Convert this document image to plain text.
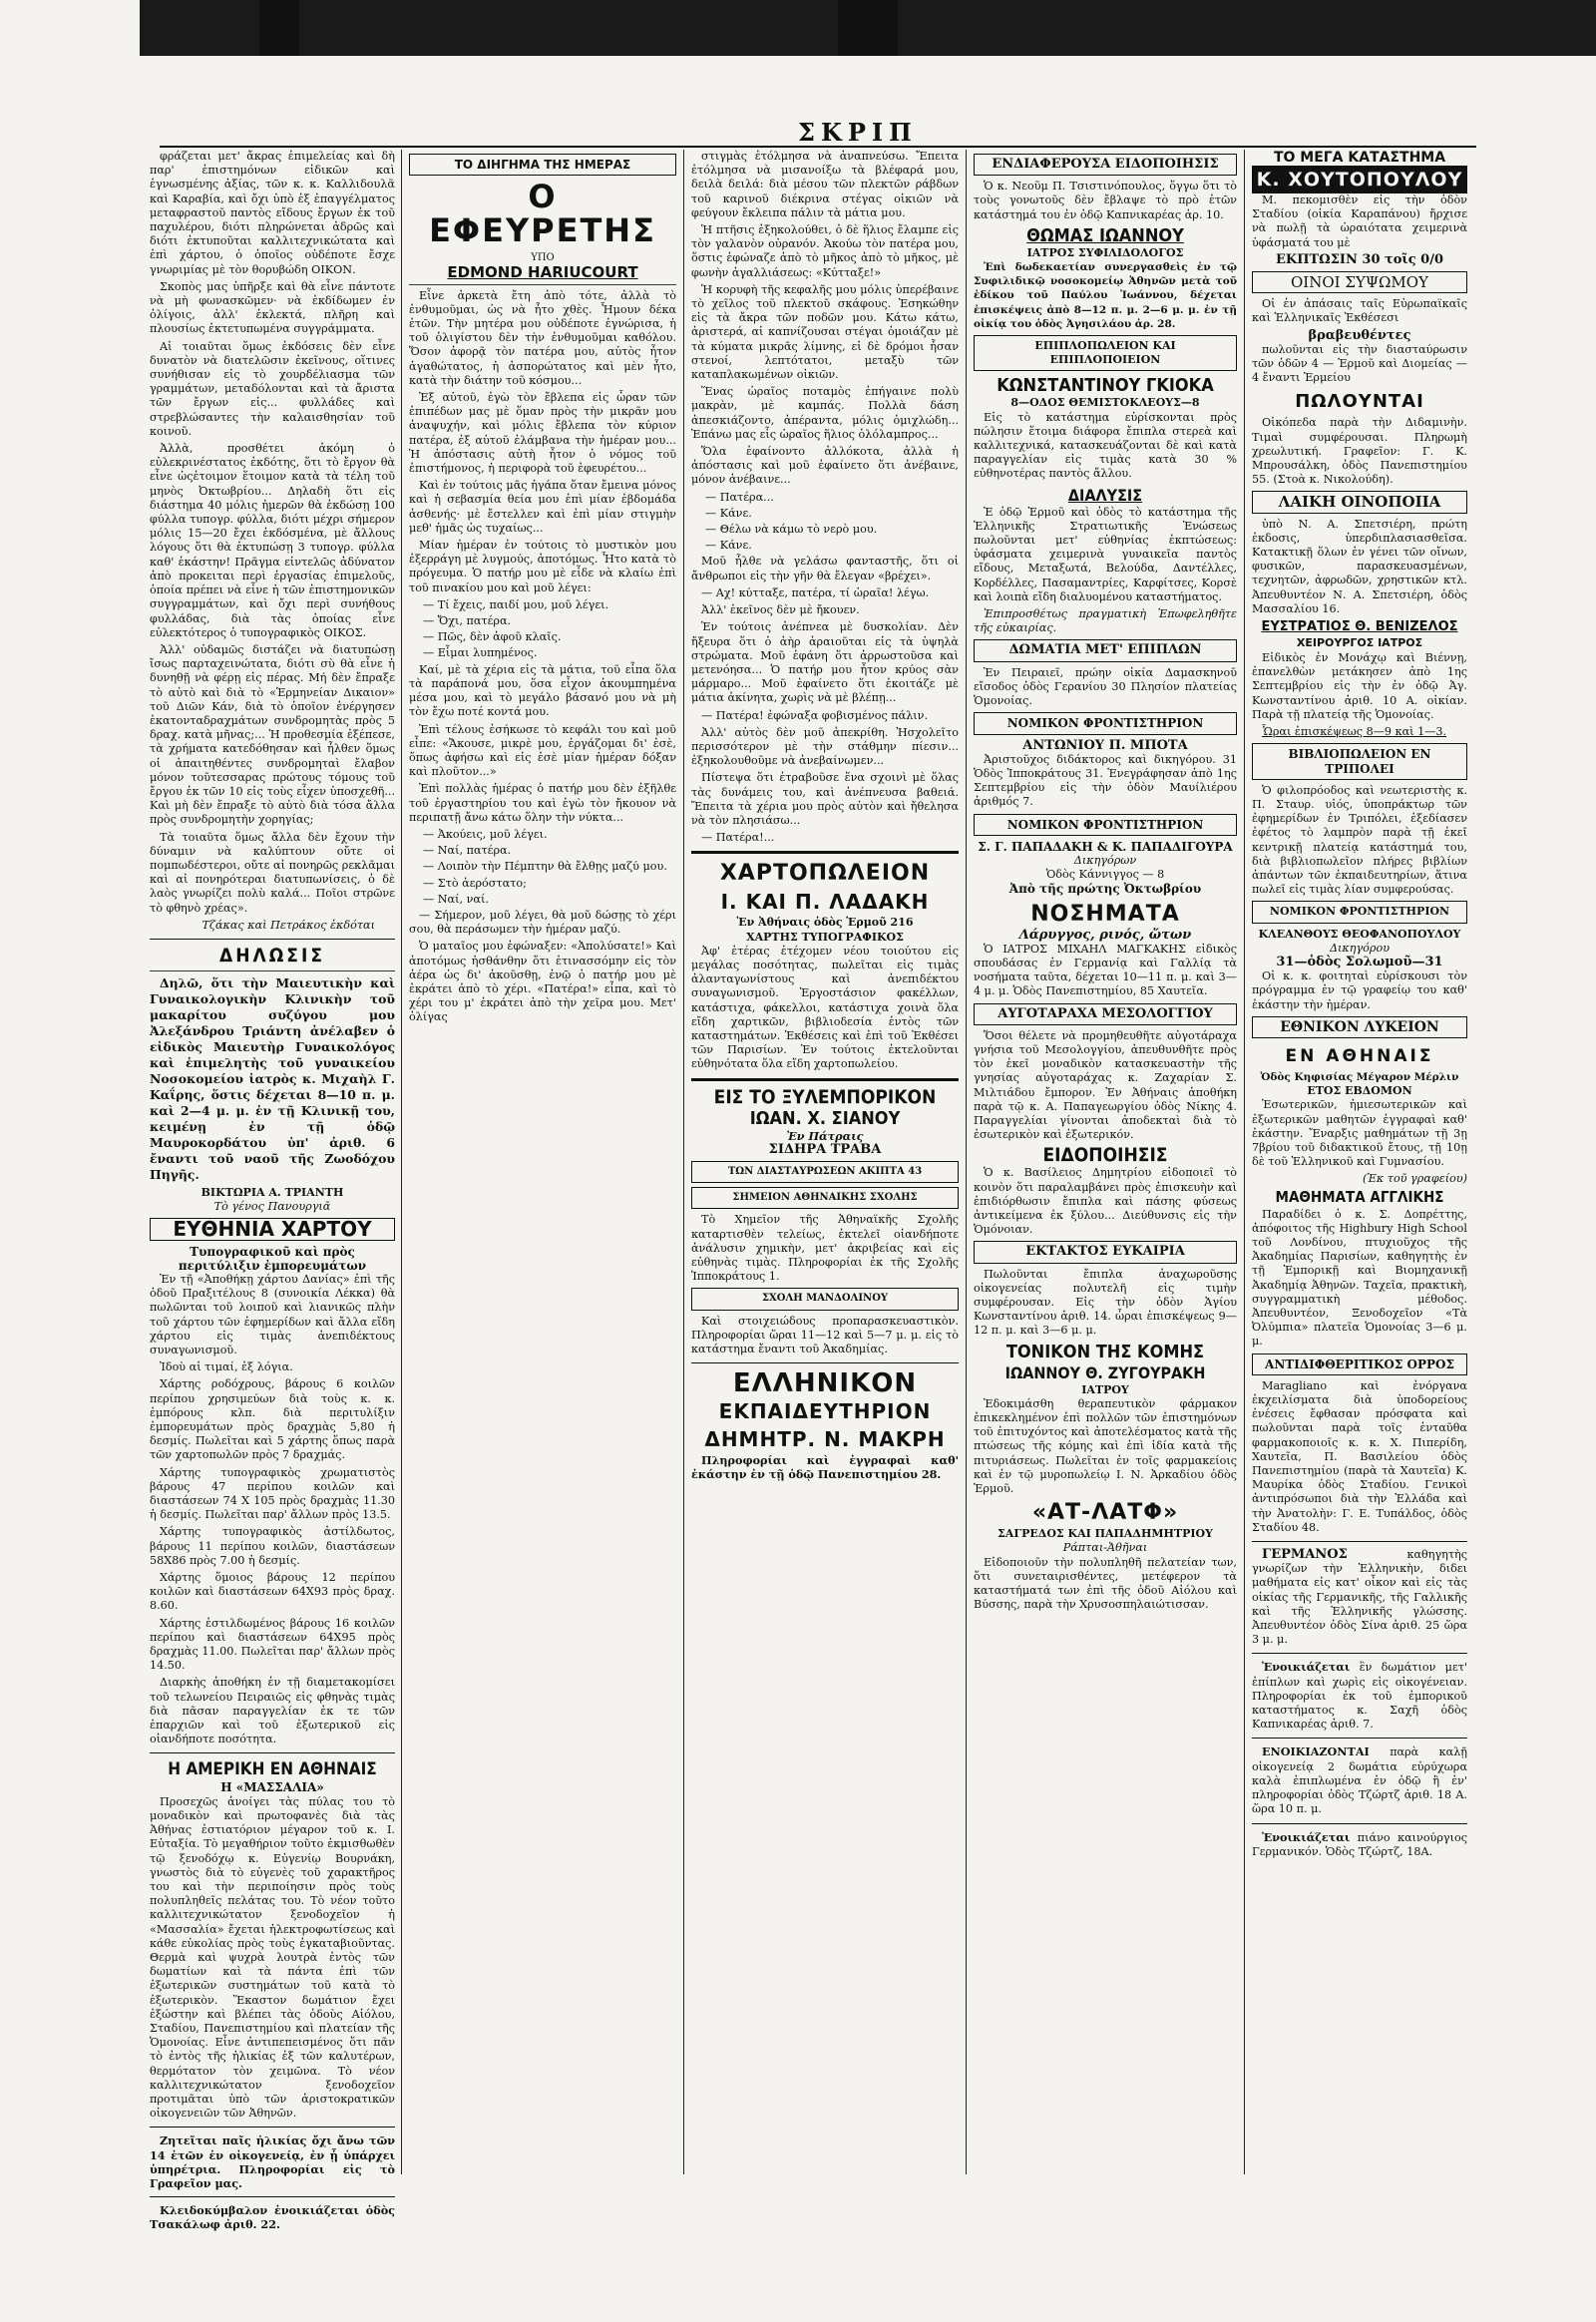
ΣΚΡΙΠ

φράζεται μετ' ἄκρας ἐπιμελείας καὶ δὴ παρ' ἐπιστημόνων εἰδικῶν καὶ ἐγνωσμένης ἀξίας, τῶν κ. κ. Καλλιδουλᾶ καὶ Καραβία, καὶ ὄχι ὑπὸ ἐξ ἐπαγγέλματος μεταφραστοῦ παντὸς εἴδους ἔργων ἐκ τοῦ παχυλέρου, διότι πληρώνεται ἀδρῶς καὶ διότι ἐκτυποῦται καλλιτεχνικώτατα καὶ ἐπὶ χάρτου, ὁ ὁποῖος οὐδέποτε ἔσχε γνωριμίας μὲ τὸν θορυβώδη ΟΙΚΟΝ.

Σκοπὸς μας ὑπῆρξε καὶ θὰ εἶνε πάντοτε νὰ μὴ φωνασκῶμεν· νὰ ἐκδίδωμεν ἐν ὀλίγοις, ἀλλ' ἐκλεκτά, πλῆρη καὶ πλουσίως ἐκτετυπωμένα συγγράμματα.

Αἱ τοιαῦται ὅμως ἐκδόσεις δὲν εἶνε δυνατὸν νὰ διατελῶσιν ἐκεῖνους, οἵτινες συνήθισαν εἰς τὸ χουρδέλιασμα τῶν γραμμάτων, μεταδόλονται καὶ τὰ ἄριστα τῶν ἔργων εἰς... φυλλάδες καὶ στρεβλώσαντες τὴν καλαισθησίαν τοῦ κοινοῦ.

Ἀλλὰ, προσθέτει ἀκόμη ὁ εὐλεκρινέστατος ἐκδότης, ὅτι τὸ ἔργον θὰ εἶνε ὡςἐτοιμον ἕτοιμον κατὰ τὰ τέλη τοῦ μηνὸς Ὀκτωβρίου... Δηλαδὴ ὅτι εἰς διάστημα 40 μόλις ἡμερῶν θὰ ἐκδώσῃ 100 φύλλα τυπογρ. φύλλα, διότι μέχρι σήμερον μόλις 15—20 ἔχει ἐκδόσμένα, μὲ ἄλλους λόγους ὅτι θὰ ἐκτυπώσῃ 3 τυπογρ. φύλλα καθ' ἑκάστην! Πρᾶγμα εἰντελῶς ἀδύνατον ἀπὸ προκειται περὶ ἐργασίας ἐπιμελοῦς, ὁποία πρέπει νὰ εἶνε ἡ τῶν ἐπιστημονικῶν συγγραμμάτων, καὶ ὄχι περὶ συνήθους φυλλάδας, διὰ τὰς ὁποίας εἶνε εὐλεκτότερος ὁ τυπογραφικὸς ΟΙΚΟΣ.

Ἀλλ' οὐδαμῶς διστάζει νὰ διατυπώσῃ ἴσως παρταχεινώτατα, διότι σὺ θὰ εἶνε ἡ δυνηθῇ νὰ φέρῃ εἰς πέρας. Μή δὲν ἔπραξε τὸ αὐτὸ καὶ διὰ τὸ «Ἑρμηνείαν Δικαιον» τοῦ Διῶν Κάν, διὰ τὸ ὁποῖον ἐνέργησεν ἑκατονταδραχμάτων συνδρομητὰς πρὸς 5 δραχ. κατὰ μῆνας;... Ἡ προθεσμία ἐξέπεσε, τὰ χρήματα κατεδόθησαν καὶ ἦλθεν ὅμως οἱ ἀπαιτηθέντες συνδρομηταὶ ἔλαβον μόνον τοῦτεσσαρας πρώτους τόμους τοῦ ἔργου ἐκ τῶν 10 εἰς τοὺς εἶχεν ὑποσχεθῆ... Καὶ μὴ δὲν ἔπραξε τὸ αὐτὸ διὰ τόσα ἄλλα πρὸς συνδρομητὴν χορηγίας;

Τὰ τοιαῦτα ὅμως ἄλλα δὲν ἔχουν τὴν δύναμιν νὰ καλύπτουν οὔτε οἱ πομπωδέστεροι, οὔτε αἱ πονηρῶς ρεκλᾶμαι καὶ αἱ πονηρότεραι διατυπωνίσεις, ὁ δὲ λαὸς γνωρίζει πολὺ καλά... Ποῖοι στρῶνε τὸ φθηνὸ χρέας».

Τζάκας καὶ Πετράκος ἐκδόται
ΔΗΛΩΣΙΣ

Δηλῶ, ὅτι τὴν Μαιευτικὴν καὶ Γυναικολογικὴν Κλινικὴν τοῦ μακαρίτου συζύγου μου Ἀλεξάνδρου Τριάντη ἀνέλαβεν ὁ εἰδικὸς Μαιευτὴρ Γυναικολόγος καὶ ἐπιμελητὴς τοῦ γυναικείου Νοσοκομείου ἰατρὸς κ. Μιχαὴλ Γ. Καΐρης, ὅστις δέχεται 8—10 π. μ. καὶ 2—4 μ. μ. ἐν τῇ Κλινικῇ του, κειμένῃ ἐν τῇ ὁδῷ Μαυροκορδάτου ὑπ' ἀριθ. 6 ἔναντι τοῦ ναοῦ τῆς Ζωοδόχου Πηγῆς.

ΒΙΚΤΩΡΙΑ Α. ΤΡΙΑΝΤΗ
Τὸ γένος Πανουργιᾶ
ΕΥΘΗΝΙΑ ΧΑΡΤΟΥ
Τυπογραφικοῦ καὶ πρὸς περιτύλιξιν ἐμπορευμάτων

Ἐν τῇ «Ἀποθήκῃ χάρτου Δανίας» ἐπὶ τῆς ὁδοῦ Πραξιτέλους 8 (συνοικία Λέκκα) θὰ πωλῶνται τοῦ λοιποῦ καὶ λιανικῶς πλὴν τοῦ χάρτου τῶν ἐφημερίδων καὶ ἄλλα εἴδη χάρτου εἰς τιμὰς ἀνεπιδέκτους συναγωνισμοῦ.

Ἰδοὺ αἱ τιμαί, ἐξ λόγια.

Χάρτης ροδόχρους, βάρους 6 κοιλῶν περίπου χρησιμεύων διὰ τοὺς κ. κ. ἐμπόρους κλπ. διὰ περιτυλίξιν ἐμπορευμάτων πρὸς δραχμὰς 5,80 ἡ δεσμίς. Πωλεῖται καὶ 5 χάρτης ὅπως παρὰ τῶν χαρτοπωλῶν πρὸς 7 δραχμάς.

Χάρτης τυπογραφικὸς χρωματιστὸς βάρους 47 περίπου κοιλῶν καὶ διαστάσεων 74 Χ 105 πρὸς δραχμὰς 11.30 ἡ δεσμίς. Πωλεῖται παρ' ἄλλων πρὸς 13.5.

Χάρτης τυπογραφικὸς ἀστίλδωτος, βάρους 11 περίπου κοιλῶν, διαστάσεων 58Χ86 πρὸς 7.00 ἡ δεσμίς.

Χάρτης ὅμοιος βάρους 12 περίπου κοιλῶν καὶ διαστάσεων 64Χ93 πρὸς δραχ. 8.60.

Χάρτης ἐστιλδωμένος βάρους 16 κοιλῶν περίπου καὶ διαστάσεων 64Χ95 πρὸς δραχμὰς 11.00. Πωλεῖται παρ' ἄλλων πρὸς 14.50.

Διαρκὴς ἀποθήκη ἐν τῇ διαμετακομίσει τοῦ τελωνείου Πειραιῶς εἰς φθηνὰς τιμὰς διὰ πᾶσαν παραγγελίαν ἐκ τε τῶν ἐπαρχιῶν καὶ τοῦ ἐξωτερικοῦ εἰς οἱανδήποτε ποσότητα.

Η ΑΜΕΡΙΚΗ ΕΝ ΑΘΗΝΑΙΣ
Η «ΜΑΣΣΑΛΙΑ»

Προσεχῶς ἀνοίγει τὰς πύλας του τὸ μοναδικὸν καὶ πρωτοφανὲς διὰ τὰς Ἀθήνας ἐστιατόριον μέγαρον τοῦ κ. Ι. Εὐταξία. Τὸ μεγαθήριον τοῦτο ἐκμισθωθὲν τῷ ξενοδόχῳ κ. Εὐγενίῳ Βουρνάκη, γνωστὸς διὰ τὸ εὐγενὲς τοῦ χαρακτῆρος του καὶ τὴν περιποίησιν πρὸς τοὺς πολυπληθεῖς πελάτας του. Τὸ νέον τοῦτο καλλιτεχνικώτατον ξενοδοχεῖον ἡ «Μασσαλία» ἔχεται ἡλεκτροφωτίσεως καὶ κάθε εὐκολίας πρὸς τοὺς ἐγκαταβιοῦντας. Θερμὰ καὶ ψυχρὰ λουτρὰ ἐντὸς τῶν δωματίων καὶ τὰ πάντα ἐπὶ τῶν ἐξωτερικῶν συστημάτων τοῦ κατὰ τὸ ἐξωτερικὸν. Ἕκαστον δωμάτιον ἔχει ἐξώστην καὶ βλέπει τὰς ὁδοὺς Αἰόλου, Σταδίου, Πανεπιστημίου καὶ πλατείαν τῆς Ὁμονοίας. Εἶνε ἀντιπεπεισμένος ὅτι πᾶν τὸ ἐντὸς τῆς ἡλικίας ἐξ τῶν καλυτέρων, θερμότατον τὸν χειμῶνα. Τὸ νέον καλλιτεχνικώτατον ξενοδοχεῖον προτιμᾶται ὑπὸ τῶν ἀριστοκρατικῶν οἰκογενειῶν τῶν Ἀθηνῶν.

Ζητεῖται παῖς ἡλικίας ὄχι ἄνω τῶν 14 ἐτῶν ἐν οἰκογενείᾳ, ἐν ᾗ ὑπάρχει ὑπηρέτρια. Πληροφορίαι εἰς τὸ Γραφεῖον μας.

Κλειδοκύμβαλον ἐνοικιάζεται ὁδὸς Τσακάλωφ ἀριθ. 22.

ΤΟ ΔΙΗΓΗΜΑ ΤΗΣ ΗΜΕΡΑΣ
Ο ΕΦΕΥΡΕΤΗΣ
ΥΠΟ
EDMOND HARIUCOURT

Εἶνε ἀρκετὰ ἔτη ἀπὸ τότε, ἀλλὰ τὸ ἐνθυμοῦμαι, ὡς νὰ ἦτο χθὲς. Ἦμουν δέκα ἐτῶν. Τὴν μητέρα μου οὐδέποτε ἐγνώρισα, ἡ τοῦ ὁλιγίστου δὲν τὴν ἐνθυμοῦμαι καθόλου. Ὅσον ἀφορᾷ τὸν πατέρα μου, αὐτὸς ἦτον ἀγαθώτατος, ἡ ἀσπορώτατος καὶ μὲν ἦτο, κατὰ τὴν διάτην τοῦ κόσμου...

Ἐξ αὐτοῦ, ἐγὼ τὸν ἔβλεπα εἰς ὧραν τῶν ἐπιπέδων μας μὲ ὅμαν πρὸς τὴν μικρᾶν μου ἀναψυχήν, καὶ μόλις ἔβλεπα τὸν κύριον πατέρα, ἐξ αὐτοῦ ἐλάμβανα τὴν ἡμέραν μου... Ἡ ἀπόστασις αὐτὴ ἦτον ὁ νόμος τοῦ ἐπιστήμονος, ἡ περιφορὰ τοῦ ἐφευρέτου...

Καὶ ἐν τούτοις μᾶς ἠγάπα ὅταν ἔμεινα μόνος καὶ ἡ σεβασμία θεία μου ἐπὶ μίαν ἐβδομάδα ἀσθενής· μὲ ἔστελλεν καὶ ἐπὶ μίαν στιγμὴν μεθ' ἡμᾶς ὡς τυχαίως...

Μίαν ἡμέραν ἐν τούτοις τὸ μυστικὸν μου ἐξερράγη μὲ λυγμούς, ἀποτόμως. Ἦτο κατὰ τὸ πρόγευμα. Ὁ πατήρ μου μὲ εἶδε νὰ κλαίω ἐπὶ τοῦ πινακίου μου καὶ μοῦ λέγει:

— Τί ἔχεις, παιδί μου, μοῦ λέγει.

— Ὄχι, πατέρα.

— Πῶς, δὲν ἀφοῦ κλαῖς.

— Εἶμαι λυπημένος.

Καί, μὲ τὰ χέρια εἰς τὰ μάτια, τοῦ εἶπα ὅλα τὰ παράπονά μου, ὅσα εἶχον ἀκουμπημένα μέσα μου, καὶ τὸ μεγάλο βάσανό μου νὰ μὴ τὸν ἔχω ποτέ κοντά μου.

Ἐπὶ τέλους ἐσήκωσε τὸ κεφάλι του καὶ μοῦ εἶπε: «Ἄκουσε, μικρὲ μου, ἐργάζομαι δι' ἐσὲ, ὅπως ἀφήσω καὶ εἰς ἐσὲ μίαν ἡμέραν δόξαν καὶ πλοῦτον...»

Ἐπὶ πολλὰς ἡμέρας ὁ πατήρ μου δὲν ἐξῆλθε τοῦ ἐργαστηρίου του καὶ ἐγὼ τὸν ἤκουον νὰ περιπατῇ ἄνω κάτω ὅλην τὴν νύκτα...

— Ἀκούεις, μοῦ λέγει.

— Ναί, πατέρα.

— Λοιπὸν τὴν Πέμπτην θὰ ἔλθῃς μαζύ μου.

— Στὸ ἀερόστατο;

— Ναί, ναί.

— Σήμερον, μοῦ λέγει, θὰ μοῦ δώσῃς τὸ χέρι σου, θὰ περάσωμεν τὴν ἡμέραν μαζύ.

Ὁ ματαῖος μου ἐφώναξεν: «Ἀπολύσατε!» Καὶ ἀποτόμως ἠσθάνθην ὅτι ἐτινασσόμην εἰς τὸν ἀέρα ὡς δι' ἀκοῦσθῃ, ἐνῷ ὁ πατήρ μου μὲ ἐκράτει ἀπὸ τὸ χέρι. «Πατέρα!» εἶπα, καὶ τὸ χέρι του μ' ἐκράτει ἀπὸ τὴν χεῖρα μου. Μετ' ὀλίγας

στιγμὰς ἐτόλμησα νὰ ἀναπνεύσω. Ἔπειτα ἐτόλμησα νὰ μισανοίξω τὰ βλέφαρά μου, δειλὰ δειλά: διὰ μέσου τῶν πλεκτῶν ράβδων τοῦ καρινοῦ διέκρινα στέγας οἰκιῶν νὰ φεύγουν ἔκλειπα πάλιν τὰ μάτια μου.

Ἡ πτῆσις ἐξηκολούθει, ὁ δὲ ἥλιος ἔλαμπε εἰς τὸν γαλανὸν οὐρανόν. Ἀκούω τὸν πατέρα μου, ὅστις ἐφώναζε ἀπὸ τὸ μῆκος ἀπὸ τὸ μῆκος, μὲ φωνὴν ἀγαλλιάσεως: «Κύτταξε!»

Ἡ κορυφὴ τῆς κεφαλῆς μου μόλις ὑπερέβαινε τὸ χεῖλος τοῦ πλεκτοῦ σκάφους. Ἐσηκώθην εἰς τὰ ἄκρα τῶν ποδῶν μου. Κάτω κάτω, ἀριστερά, αἱ καπνίζουσαι στέγαι ὁμοιάζαν μὲ τὰ κύματα μικρᾶς λίμνης, εἰ δὲ δρόμοι ἦσαν στενοί, λεπτότατοι, μεταξὺ τῶν καταπλακωμένων οἰκιῶν.

Ἕνας ὡραῖος ποταμὸς ἐπήγαινε πολὺ μακρὰν, μὲ καμπάς. Πολλὰ δάση ἀπεσκιάζοντο, ἀπέραντα, μόλις ὁμιχλώδη... Ἐπάνω μας εἷς ὠραῖος ἥλιος ὁλόλαμπρος...

Ὅλα ἐφαίνοντο ἀλλόκοτα, ἀλλὰ ἡ ἀπόστασις καὶ μοῦ ἐφαίνετο ὅτι ἀνέβαινε, μόνον ἀνέβαινε...

— Πατέρα...

— Κάνε.

— Θέλω νὰ κάμω τὸ νερὸ μου.

— Κάνε.

Μοῦ ἦλθε νὰ γελάσω φανταστῆς, ὅτι οἱ ἄνθρωποι εἰς τὴν γῆν θὰ ἔλεγαν «βρέχει».

— Αχ! κύτταξε, πατέρα, τί ὡραῖα! λέγω.

Ἀλλ' ἐκεῖνος δὲν μὲ ἤκουεν.

Ἐν τούτοις ἀνέπνεα μὲ δυσκολίαν. Δὲν ἤξευρα ὅτι ὁ ἀὴρ ἀραιοῦται εἰς τὰ ὑψηλὰ στρώματα. Μοῦ ἐφάνη ὅτι ἀρρωστοῦσα καὶ μετενόησα... Ὁ πατήρ μου ἦτον κρύος σὰν μάρμαρο... Μοῦ ἐφαίνετο ὅτι ἐκοιτάζε μὲ μάτια ἀκίνητα, χωρὶς νὰ μὲ βλέπῃ...

— Πατέρα! ἐφώναξα φοβισμένος πάλιν.

Ἀλλ' αὐτὸς δὲν μοῦ ἀπεκρίθη. Ἠσχολεῖτο περισσότερον μὲ τὴν στάθμην πίεσιν... ἐξηκολουθοῦμε νὰ ἀνεβαίνωμεν...

Πίστεψα ὅτι ἐτραβοῦσε ἕνα σχοινὶ μὲ ὅλας τὰς δυνάμεις του, καὶ ἀνέπνευσα βαθειά. Ἔπειτα τὰ χέρια μου πρὸς αὐτὸν καὶ ἤθελησα νὰ τὸν πλησιάσω...

— Πατέρα!...

ΧΑΡΤΟΠΩΛΕΙΟΝ
Ι. ΚΑΙ Π. ΛΑΔΑΚΗ
Ἐν Ἀθήναις ὁδὸς Ἑρμοῦ 216
ΧΑΡΤΗΣ ΤΥΠΟΓΡΑΦΙΚΟΣ

Ἀφ' ἑτέρας ἐτέχομεν νέου τοιούτου εἰς μεγάλας ποσότητας, πωλεῖται εἰς τιμὰς ἀλανταγωνίστους καὶ ἀνεπιδέκτου συναγωνισμοῦ. Ἐργοστάσιον φακέλλων, κατάστιχα, φάκελλοι, κατάστιχα χοινὰ ὅλα εἴδη χαρτικῶν, βιβλιοδεσία ἐντὸς τῶν καταστημάτων. Ἐκθέσεις καὶ ἐπὶ τοῦ Ἐκθέσει τῶν Παρισίων. Ἐν τούτοις ἐκτελοῦνται εὐθηνότατα ὅλα εἴδη χαρτοπωλείου.

ΕΙΣ ΤΟ ΞΥΛΕΜΠΟΡΙΚΟΝ
ΙΩΑΝ. Χ. ΣΙΑΝΟΥ
Ἐν Πάτραις
ΣΙΔΗΡΑ ΤΡΑΒΑ
ΤΩΝ ΔΙΑΣΤΑΥΡΩΣΕΩΝ ΑΚΙΠΤΑ 43
ΣΗΜΕΙΟΝ ΑΘΗΝΑΙΚΗΣ ΣΧΟΛΗΣ

Τὸ Χημεῖον τῆς Ἀθηναϊκῆς Σχολῆς καταρτισθὲν τελείως, ἐκτελεῖ οἰανδήποτε ἀνάλυσιν χημικὴν, μετ' ἀκριβείας καὶ εἰς εὐθηνὰς τιμὰς. Πληροφορίαι ἐκ τῆς Σχολῆς Ἱπποκράτους 1.

ΣΧΟΛΗ ΜΑΝΔΟΛΙΝΟΥ

Καὶ στοιχειώδους προπαρασκευαστικὸν. Πληροφορίαι ὥραι 11—12 καὶ 5—7 μ. μ. εἰς τὸ κατάστημα ἔναντι τοῦ Ἀκαδημίας.

ΕΛΛΗΝΙΚΟΝ
ΕΚΠΑΙΔΕΥΤΗΡΙΟΝ
ΔΗΜΗΤΡ. Ν. ΜΑΚΡΗ

Πληροφορίαι καὶ ἐγγραφαὶ καθ' ἑκάστην ἐν τῇ ὁδῷ Πανεπιστημίου 28.

ΕΝΔΙΑΦΕΡΟΥΣΑ ΕΙΔΟΠΟΙΗΣΙΣ

Ὁ κ. Νεοῦμ Π. Τσιστινόπουλος, ὅγγω ὅτι τὸ τοὺς γονωτοῦς δὲν ἔβλαψε τὸ πρὸ ἐτῶν κατάστημά του ἐν ὁδῷ Καπνικαρέας ἀρ. 10.

ΘΩΜΑΣ ΙΩΑΝΝΟΥ
ΙΑΤΡΟΣ ΣΥΦΙΛΙΔΟΛΟΓΟΣ

Ἐπὶ δωδεκαετίαν συνεργασθεὶς ἐν τῷ Συφιλιδικῷ νοσοκομείῳ Ἀθηνῶν μετὰ τοῦ ἐδίκου τοῦ Παύλου Ἰωάννου, δέχεται ἐπισκέψεις ἀπὸ 8—12 π. μ. 2—6 μ. μ. ἐν τῇ οἰκίᾳ του ὁδὸς Ἀγησιλάου ἀρ. 28.

ΕΠΙΠΛΟΠΩΛΕΙΟΝ ΚΑΙ ΕΠΙΠΛΟΠΟΙΕΙΟΝ
ΚΩΝΣΤΑΝΤΙΝΟΥ ΓΚΙΟΚΑ
8—ΟΔΟΣ ΘΕΜΙΣΤΟΚΛΕΟΥΣ—8

Εἰς τὸ κατάστημα εὑρίσκονται πρὸς πώλησιν ἕτοιμα διάφορα ἔπιπλα στερεὰ καὶ καλλιτεχνικά, κατασκευάζονται δὲ καὶ κατὰ παραγγελίαν εἰς τιμὰς κατὰ 30 % εὐθηνοτέρας παντὸς ἄλλου.

ΔΙΑΛΥΣΙΣ

Ἐ ὁδῷ Ἑρμοῦ καὶ ὁδὸς τὸ κατάστημα τῆς Ἑλληνικῆς Στρατιωτικῆς Ἑνώσεως πωλοῦνται μετ' εὐθηνίας ἐκπτώσεως: ὑφάσματα χειμερινὰ γυναικεῖα παντὸς εἴδους, Μεταξωτά, Βελούδα, Δαντέλλες, Κορδέλλες, Πασαμαντρίες, Καρφίτσες, Κορσὲ καὶ λοιπὰ εἴδη διαλυομένου καταστήματος.

Ἐπιπροσθέτως πραγματικὴ Ἐπωφεληθῆτε τῆς εὐκαιρίας.

ΔΩΜΑΤΙΑ ΜΕΤ' ΕΠΙΠΛΩΝ

Ἐν Πειραιεῖ, πρώην οἰκία Δαμασκηνοῦ εἴσοδος ὁδὸς Γερανίου 30 Πλησίον πλατείας Ὁμονοίας.

ΝΟΜΙΚΟΝ ΦΡΟΝΤΙΣΤΗΡΙΟΝ
ΑΝΤΩΝΙΟΥ Π. ΜΠΟΤΑ

Ἀριστοῦχος διδάκτορος καὶ δικηγόρου. 31 Ὁδὸς Ἱπποκράτους 31. Ἐνεγράφησαν ἀπὸ 1ης Σεπτεμβρίου εἰς τὴν ὁδὸν Μαυίλιέρου ἀριθμός 7.

ΝΟΜΙΚΟΝ ΦΡΟΝΤΙΣΤΗΡΙΟΝ
Σ. Γ. ΠΑΠΑΔΑΚΗ & Κ. ΠΑΠΑΔΙΓΟΥΡΑ
Δικηγόρων
Ὁδὸς Κάννιγγος — 8
Ἀπὸ τῆς πρώτης Ὀκτωβρίου
ΝΟΣΗΜΑΤΑ
Λάρυγγος, ρινός, ὤτων

Ὁ ΙΑΤΡΟΣ ΜΙΧΑΗΛ ΜΑΓΚΑΚΗΣ εἰδικὸς σπουδάσας ἐν Γερμανίᾳ καὶ Γαλλίᾳ τὰ νοσήματα ταῦτα, δέχεται 10—11 π. μ. καὶ 3—4 μ. μ. Ὁδὸς Πανεπιστημίου, 85 Χαυτεῖα.

ΑΥΓΟΤΑΡΑΧΑ ΜΕΣΟΛΟΓΓΙΟΥ

Ὅσοι θέλετε νὰ προμηθευθῆτε αὐγοτάραχα γνήσια τοῦ Μεσολογγίου, ἀπευθυνθῆτε πρὸς τὸν ἐκεῖ μοναδικὸν κατασκευαστὴν τῆς γνησίας αὐγοταράχας κ. Ζαχαρίαν Σ. Μιλτιάδου ἔμπορον. Ἐν Ἀθήναις ἀποθήκη παρὰ τῷ κ. Α. Παπαγεωργίου ὁδὸς Νίκης 4. Παραγγελίαι γίνονται ἀποδεκταὶ διὰ τὸ ἐσωτερικὸν καὶ ἐξωτερικόν.

ΕΙΔΟΠΟΙΗΣΙΣ

Ὁ κ. Βασίλειος Δημητρίου εἰδοποιεῖ τὸ κοινὸν ὅτι παραλαμβάνει πρὸς ἐπισκευὴν καὶ ἐπιδιόρθωσιν ἔπιπλα καὶ πάσης φύσεως ἀντικείμενα ἐκ ξύλου... Διεύθυνσις εἰς τὴν Ὁμόνοιαν.

ΕΚΤΑΚΤΟΣ ΕΥΚΑΙΡΙΑ

Πωλοῦνται ἔπιπλα ἀναχωροῦσης οἰκογενείας πολυτελῆ εἰς τιμὴν συμφέρουσαν. Εἰς τὴν ὁδὸν Ἁγίου Κωνσταντίνου ἀριθ. 14. ὧραι ἐπισκέψεως 9—12 π. μ. καὶ 3—6 μ. μ.

ΤΟΝΙΚΟΝ ΤΗΣ ΚΟΜΗΣ
ΙΩΑΝΝΟΥ Θ. ΖΥΓΟΥΡΑΚΗ
ΙΑΤΡΟΥ

Ἐδοκιμάσθη θεραπευτικὸν φάρμακον ἐπικεκλημένον ἐπὶ πολλῶν τῶν ἐπιστημόνων τοῦ ἐπιτυχόντος καὶ ἀποτελέσματος κατὰ τῆς πτώσεως τῆς κόμης καὶ ἐπὶ ἰδία κατὰ τῆς πιτυριάσεως. Πωλεῖται ἐν τοῖς φαρμακείοις καὶ ἐν τῷ μυροπωλείῳ Ι. Ν. Ἀρκαδίου ὁδὸς Ἑρμοῦ.

«ΑΤ-ΛΑΤΦ»
ΣΑΓΡΕΔΟΣ ΚΑΙ ΠΑΠΑΔΗΜΗΤΡΙΟΥ
Ράπται-Ἀθῆναι

Εἰδοποιοῦν τὴν πολυπληθῆ πελατείαν των, ὅτι συνεταιρισθέντες, μετέφερον τὰ καταστήματά των ἐπὶ τῆς ὁδοῦ Αἰόλου καὶ Βύσσης, παρὰ τὴν Χρυσοσπηλαιώτισσαν.

ΤΟ ΜΕΓΑ ΚΑΤΑΣΤΗΜΑ
Κ. ΧΟΥΤΟΠΟΥΛΟΥ

Μ. πεκομισθὲν εἰς τὴν ὁδὸν Σταδίου (οἰκία Καραπάνου) ἤρχισε νὰ πωλῇ τὰ ὡραιότατα χειμερινὰ ὑφάσματά του μὲ

ΕΚΠΤΩΣΙΝ 30 τοῖς 0/0
ΟΙΝΟΙ ΣΥΨΩΜΟΥ

Οἱ ἐν ἁπάσαις ταῖς Εὐρωπαϊκαῖς καὶ Ἑλληνικαῖς Ἐκθέσεσι

βραβευθέντες

πωλοῦνται εἰς τὴν διασταύρωσιν τῶν ὁδῶν 4 — Ἑρμοῦ καὶ Διομείας — 4 ἔναντι Ἑρμείου

ΠΩΛΟΥΝΤΑΙ

Οἰκόπεδα παρὰ τὴν Διδαμινὴν. Τιμαὶ συμφέρουσαι. Πληρωμὴ χρεωλυτική. Γραφεῖον: Γ. Κ. Μπρουσάλκη, ὁδὸς Πανεπιστημίου 55. (Στοὰ κ. Νικολούδη).

ΛΑΙΚΗ ΟΙΝΟΠΟΙΙΑ

ὑπὸ Ν. Α. Σπετσιέρη, πρώτη ἐκδοσις, ὑπερδιπλασιασθεῖσα. Κατακτικῇ ὅλων ἐν γένει τῶν οἴνων, φυσικῶν, παρασκευασμένων, τεχνητῶν, ἀφρωδῶν, χρηστικῶν κτλ. Ἀπευθυντέον Ν. Α. Σπετσιέρη, ὁδὸς Μασσαλίου 16.

ΕΥΣΤΡΑΤΙΟΣ Θ. ΒΕΝΙΖΕΛΟΣ
ΧΕΙΡΟΥΡΓΟΣ ΙΑΤΡΟΣ

Εἰδικὸς ἐν Μονάχῳ καὶ Βιέννῃ, ἐπανελθὼν μετάκησεν ἀπὸ 1ης Σεπτεμβρίου εἰς τὴν ἐν ὁδῷ Ἀγ. Κωνσταντίνου ἀριθ. 10 Α. οἰκίαν. Παρὰ τῇ πλατείᾳ τῆς Ὁμονοίας.

Ὧραι ἐπισκέψεως 8—9 καὶ 1—3.

ΒΙΒΛΙΟΠΩΛΕΙΟΝ ΕΝ ΤΡΙΠΟΛΕΙ

Ὁ φιλοπρόοδος καὶ νεωτεριστὴς κ. Π. Σταυρ. υἱός, ὑποπράκτωρ τῶν ἐφημερίδων ἐν Τριπόλει, ἐξεδίασεν ἐφέτος τὸ λαμπρὸν παρὰ τῇ ἐκεῖ κεντρικῇ πλατείᾳ κατάστημά του, διὰ βιβλιοπωλεῖον πλήρες βιβλίων ἀπάντων τῶν ἐκπαιδευτηρίων, ἅτινα πωλεῖ εἰς τιμὰς λίαν συμφερούσας.

ΝΟΜΙΚΟΝ ΦΡΟΝΤΙΣΤΗΡΙΟΝ
ΚΛΕΑΝΘΟΥΣ ΘΕΟΦΑΝΟΠΟΥΛΟΥ
Δικηγόρου
31—ὁδὸς Σολωμοῦ—31

Οἱ κ. κ. φοιτηταὶ εὑρίσκουσι τὸν πρόγραμμα ἐν τῷ γραφείῳ του καθ' ἑκάστην τὴν ἡμέραν.

ΕΘΝΙΚΟΝ ΛΥΚΕΙΟΝ
ΕΝ ΑΘΗΝΑΙΣ
Ὁδὸς Κηφισίας Μέγαρον Μέρλιν
ΕΤΟΣ ΕΒΔΟΜΟΝ

Ἐσωτερικῶν, ἡμιεσωτερικῶν καὶ ἐξωτερικῶν μαθητῶν ἐγγραφαὶ καθ' ἑκάστην. Ἔναρξις μαθημάτων τῇ 3ῃ 7βρίου τοῦ διδακτικοῦ ἔτους, τῇ 10ῃ δὲ τοῦ Ἑλληνικοῦ καὶ Γυμνασίου.

(Ἐκ τοῦ γραφείου)
ΜΑΘΗΜΑΤΑ ΑΓΓΛΙΚΗΣ

Παραδίδει ὁ κ. Σ. Δοπρέττης, ἀπόφοιτος τῆς Highbury High School τοῦ Λονδίνου, πτυχιοῦχος τῆς Ἀκαδημίας Παρισίων, καθηγητὴς ἐν τῇ Ἐμπορικῇ καὶ Βιομηχανικῇ Ἀκαδημίᾳ Ἀθηνῶν. Ταχεῖα, πρακτικὴ, συγγραμματικὴ μέθοδος. Ἀπευθυντέον, Ξενοδοχεῖον «Τὰ Ὀλύμπια» πλατεῖα Ὁμονοίας 3—6 μ. μ.

ΑΝΤΙΔΙΦΘΕΡΙΤΙΚΟΣ ΟΡΡΟΣ

Maragliano καὶ ἐνόργανα ἐκχειλίσματα διὰ ὑποδορείους ἐνέσεις ἔφθασαν πρόσφατα καὶ πωλοῦνται παρὰ τοῖς ἐνταῦθα φαρμακοποιοῖς κ. κ. Χ. Πιπερίδη, Χαυτεῖα, Π. Βασιλείου ὁδὸς Πανεπιστημίου (παρὰ τὰ Χαυτεῖα) Κ. Μαυρίκα ὁδὸς Σταδίου. Γενικοὶ ἀντιπρόσωποι διὰ τὴν Ἑλλάδα καὶ τὴν Ἀνατολὴν: Γ. Ε. Τυπάλδος, ὁδὸς Σταδίου 48.

ΓΕΡΜΑΝΟΣ	καθηγητὴς γνωρίζων τὴν Ἑλληνικὴν, διδει μαθήματα εἰς κατ' οἶκον καὶ εἰς τὰς οἰκίας τῆς Γερμανικῆς, τῆς Γαλλικῆς καὶ τῆς Ἑλληνικῆς γλώσσης. Ἀπευθυντέον ὁδὸς Σίνα ἀριθ. 25 ὥρα 3 μ. μ.

Ἐνοικιάζεται ἓν δωμάτιον μετ' ἐπίπλων καὶ χωρὶς εἰς οἰκογένειαν. Πληροφορίαι ἐκ τοῦ ἐμπορικοῦ καταστήματος κ. Σαχῆ ὁδὸς Καπνικαρέας ἀριθ. 7.

ΕΝΟΙΚΙΑΖΟΝΤΑΙ παρὰ καλῇ οἰκογενείᾳ 2 δωμάτια εὐρύχωρα καλὰ ἐπιπλωμένα ἐν ὁδῷ ἢ ἐν' πληροφορίαι ὁδὸς Τζώρτζ ἀριθ. 18 Α. ὥρα 10 π. μ.

Ἐνοικιάζεται πιάνο καινούργιος Γερμανικόν. Ὁδὸς Τζώρτζ, 18Α.
